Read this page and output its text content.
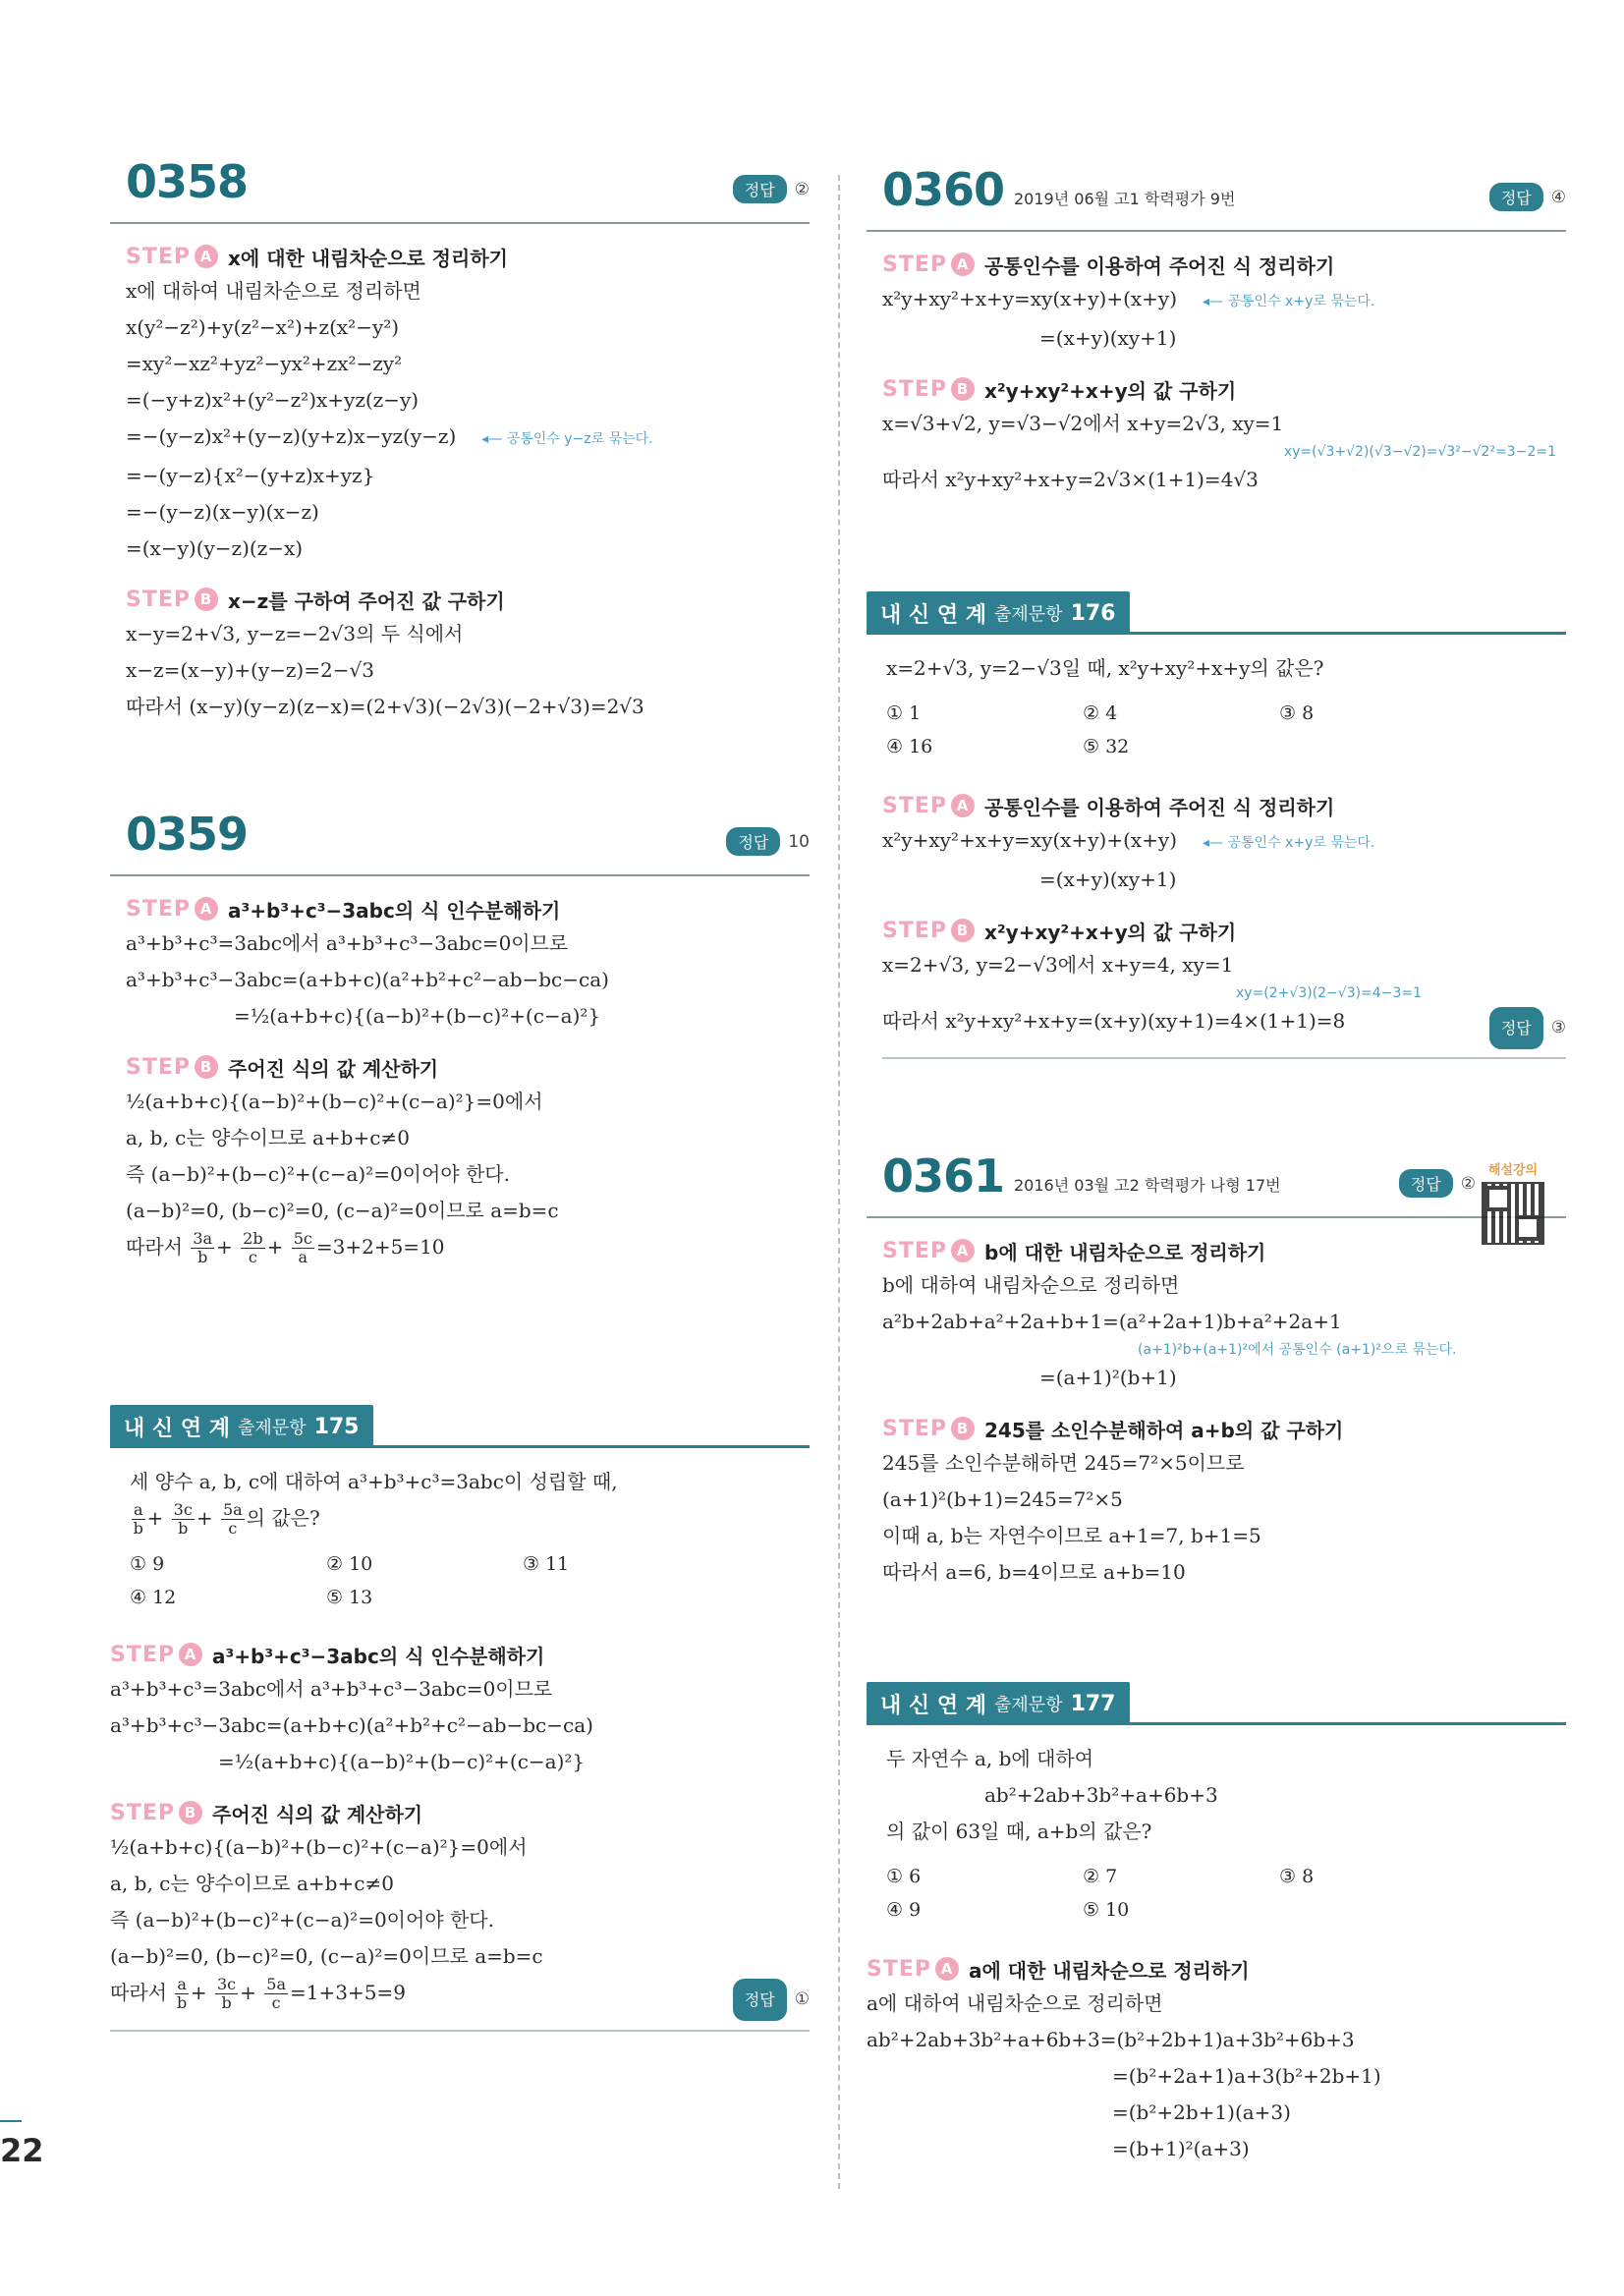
0358	정답	②
STEP A x에 대한 내림차순으로 정리하기
x에 대하여 내림차순으로 정리하면
x(y²−z²)+y(z²−x²)+z(x²−y²)
=xy²−xz²+yz²−yx²+zx²−zy²
=(−y+z)x²+(y²−z²)x+yz(z−y)
=−(y−z)x²+(y−z)(y+z)x−yz(y−z) ◂— 공통인수 y−z로 묶는다.
=−(y−z){x²−(y+z)x+yz}
=−(y−z)(x−y)(x−z)
=(x−y)(y−z)(z−x)
STEP B x−z를 구하여 주어진 값 구하기
x−y=2+√3, y−z=−2√3의 두 식에서
x−z=(x−y)+(y−z)=2−√3
따라서 (x−y)(y−z)(z−x)=(2+√3)(−2√3)(−2+√3)=2√3
0359	정답	10
STEP A a³+b³+c³−3abc의 식 인수분해하기
a³+b³+c³=3abc에서 a³+b³+c³−3abc=0이므로
a³+b³+c³−3abc=(a+b+c)(a²+b²+c²−ab−bc−ca)
=½(a+b+c){(a−b)²+(b−c)²+(c−a)²}
STEP B 주어진 식의 값 계산하기
½(a+b+c){(a−b)²+(b−c)²+(c−a)²}=0에서
a, b, c는 양수이므로 a+b+c≠0
즉 (a−b)²+(b−c)²+(c−a)²=0이어야 한다.
(a−b)²=0, (b−c)²=0, (c−a)²=0이므로 a=b=c
따라서 $\frac{3a}{b} + \frac{2b}{c} + \frac{5c}{a} =3+2+5=10$
내 신 연 계 출제문항 175
세 양수 a, b, c에 대하여 a³+b³+c³=3abc이 성립할 때,
$\frac{a}{b} + \frac{3c}{b} + \frac{5a}{c}$ 의 값은?
① 9	② 10	③ 11
④ 12	⑤ 13
STEP A a³+b³+c³−3abc의 식 인수분해하기
a³+b³+c³=3abc에서 a³+b³+c³−3abc=0이므로
a³+b³+c³−3abc=(a+b+c)(a²+b²+c²−ab−bc−ca)
=½(a+b+c){(a−b)²+(b−c)²+(c−a)²}
STEP B 주어진 식의 값 계산하기
½(a+b+c){(a−b)²+(b−c)²+(c−a)²}=0에서
a, b, c는 양수이므로 a+b+c≠0
즉 (a−b)²+(b−c)²+(c−a)²=0이어야 한다.
(a−b)²=0, (b−c)²=0, (c−a)²=0이므로 a=b=c
따라서 $\frac{a}{b} + \frac{3c}{b} + \frac{5a}{c} =1+3+5=9$	정답	①
22
0360 2019년 06월 고1 학력평가 9번	정답	④
STEP A 공통인수를 이용하여 주어진 식 정리하기
x²y+xy²+x+y=xy(x+y)+(x+y) ◂— 공통인수 x+y로 묶는다.
=(x+y)(xy+1)
STEP B x²y+xy²+x+y의 값 구하기
x=√3+√2, y=√3−√2에서 x+y=2√3, xy=1
xy=(√3+√2)(√3−√2)=√3²−√2²=3−2=1
따라서 x²y+xy²+x+y=2√3×(1+1)=4√3
내 신 연 계 출제문항 176
x=2+√3, y=2−√3일 때, x²y+xy²+x+y의 값은?
① 1	② 4	③ 8
④ 16	⑤ 32
STEP A 공통인수를 이용하여 주어진 식 정리하기
x²y+xy²+x+y=xy(x+y)+(x+y) ◂— 공통인수 x+y로 묶는다.
=(x+y)(xy+1)
STEP B x²y+xy²+x+y의 값 구하기
x=2+√3, y=2−√3에서 x+y=4, xy=1
xy=(2+√3)(2−√3)=4−3=1
따라서 x²y+xy²+x+y=(x+y)(xy+1)=4×(1+1)=8	정답	③
0361 2016년 03월 고2 학력평가 나형 17번	정답	②
STEP A b에 대한 내림차순으로 정리하기
b에 대하여 내림차순으로 정리하면
a²b+2ab+a²+2a+b+1=(a²+2a+1)b+a²+2a+1
(a+1)²b+(a+1)²에서 공통인수 (a+1)²으로 묶는다.
=(a+1)²(b+1)
STEP B 245를 소인수분해하여 a+b의 값 구하기
245를 소인수분해하면 245=7²×5이므로
(a+1)²(b+1)=245=7²×5
이때 a, b는 자연수이므로 a+1=7, b+1=5
따라서 a=6, b=4이므로 a+b=10
내 신 연 계 출제문항 177
두 자연수 a, b에 대하여
ab²+2ab+3b²+a+6b+3
의 값이 63일 때, a+b의 값은?
① 6	② 7	③ 8
④ 9	⑤ 10
STEP A a에 대한 내림차순으로 정리하기
a에 대하여 내림차순으로 정리하면
ab²+2ab+3b²+a+6b+3=(b²+2b+1)a+3b²+6b+3
=(b²+2a+1)a+3(b²+2b+1)
=(b²+2b+1)(a+3)
=(b+1)²(a+3)
해설강의
